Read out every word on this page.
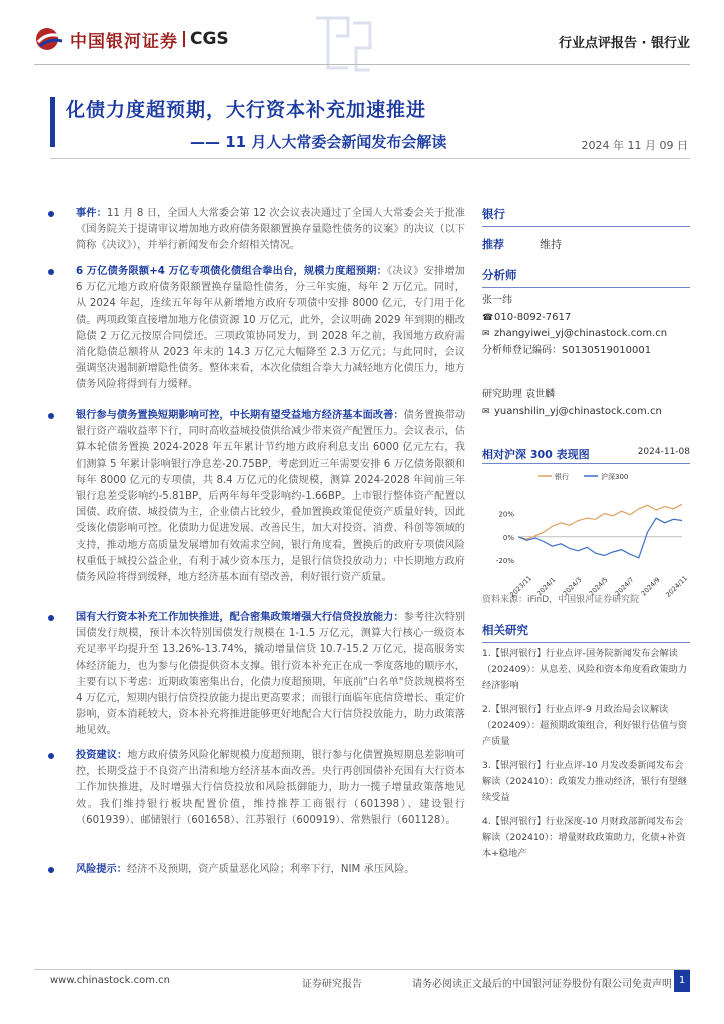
中国银河证券 CGS	行业点评报告 · 银行业
化债力度超预期，大行资本补充加速推进
—— 11 月人大常委会新闻发布会解读	2024 年 11 月 09 日
事件：11 月 8 日，全国人大常委会第 12 次会议表决通过了全国人大常委会关于批准《国务院关于提请审议增加地方政府债务限额置换存量隐性债务的议案》的决议（以下简称《决议》），并举行新闻发布会介绍相关情况。
6 万亿债务限额+4 万亿专项债化债组合拳出台，规模力度超预期：《决议》安排增加 6 万亿元地方政府债务限额置换存量隐性债务，分三年实施，每年 2 万亿元。同时，从 2024 年起，连续五年每年从新增地方政府专项债中安排 8000 亿元，专门用于化债。两项政策直接增加地方化债资源 10 万亿元，此外，会议明确 2029 年到期的棚改隐债 2 万亿元按原合同偿还。三项政策协同发力，到 2028 年之前，我国地方政府需消化隐债总额将从 2023 年末的 14.3 万亿元大幅降至 2.3 万亿元；与此同时，会议强调坚决遏制新增隐性债务。整体来看，本次化债组合拳大力减轻地方化债压力，地方债务风险将得到有力缓释。
银行参与债务置换短期影响可控，中长期有望受益地方经济基本面改善：债务置换带动银行资产端收益率下行，同时高收益城投债供给减少带来资产配置压力。会议表示，估算本轮债务置换 2024-2028 年五年累计节约地方政府利息支出 6000 亿元左右，我们测算 5 年累计影响银行净息差-20.75BP，考虑到近三年需要安排 6 万亿债务限额和每年 8000 亿元的专项债，共 8.4 万亿元的化债规模，测算 2024-2028 年间前三年银行息差受影响约-5.81BP，后两年每年受影响约-1.66BP。上市银行整体资产配置以国债、政府债、城投债为主，企业债占比较少，叠加置换政策促使资产质量好转，因此受该化债影响可控。化债助力促进发展、改善民生，加大对投资、消费、科创等领域的支持，推动地方高质量发展增加有效需求空间，银行角度看，置换后的政府专项债风险权重低于城投公益企业，有利于减少资本压力，是银行信贷投放动力；中长期地方政府债务风险将得到缓释，地方经济基本面有望改善，利好银行资产质量。
国有大行资本补充工作加快推进，配合密集政策增强大行信贷投放能力：参考往次特别国债发行规模，预计本次特别国债发行规模在 1-1.5 万亿元，测算大行核心一级资本充足率平均提升至 13.26%-13.74%，撬动增量信贷 10.7-15.2 万亿元，提高服务实体经济能力，也为参与化债提供资本支撑。银行资本补充正在成一季度落地的顺序水，主要有以下考虑：近期政策密集出台，化债力度超预期，年底前"白名单"贷款规模将至 4 万亿元，短期内银行信贷投放能力提出更高要求；而银行面临年底信贷增长、重定价影响，资本消耗较大，资本补充将推进能够更好地配合大行信贷投放能力，助力政策落地见效。
投资建议：地方政府债务风险化解规模力度超预期，银行参与化债置换短期息差影响可控，长期受益于不良资产出清和地方经济基本面改善。央行再创国债补充国有大行资本工作加快推进，及时增强大行信贷投放和风险抵御能力，助力一揽子增量政策落地见效。我们维持银行板块配置价值，维持推荐工商银行（601398）、建设银行（601939）、邮储银行（601658）、江苏银行（600919）、常熟银行（601128）。
风险提示：经济不及预期，资产质量恶化风险；利率下行，NIM 承压风险。
银行
推荐	维持
分析师
张一纬
☎ 010-8092-7617
✉ zhangyiwei_yj@chinastock.com.cn
分析师登记编码：S0130519010001
研究助理 袁世麟
✉ yuanshilin_yj@chinastock.com.cn
相对沪深 300 表现图	2024-11-08
银行	沪深300
20%
0%
-20%
2023/11 2024/1 2024/3 2024/5 2024/7 2024/9 2024/11
资料来源：iFinD，中国银河证券研究院
相关研究
1.【银河银行】行业点评-国务院新闻发布会解读（202409）：从息差、风险和资本角度看政策助力经济影响
2.【银河银行】行业点评-9 月政治局会议解读（202409）：超预期政策组合，利好银行估值与资产质量
3.【银河银行】行业点评-10 月发改委新闻发布会解读（202410）：政策发力推动经济，银行有望继续受益
4.【银河银行】行业深度-10 月财政部新闻发布会解读（202410）：增量财政政策助力，化债+补资本+稳地产
www.chinastock.com.cn	证券研究报告	请务必阅读正文最后的中国银河证券股份有限公司免责声明 1
